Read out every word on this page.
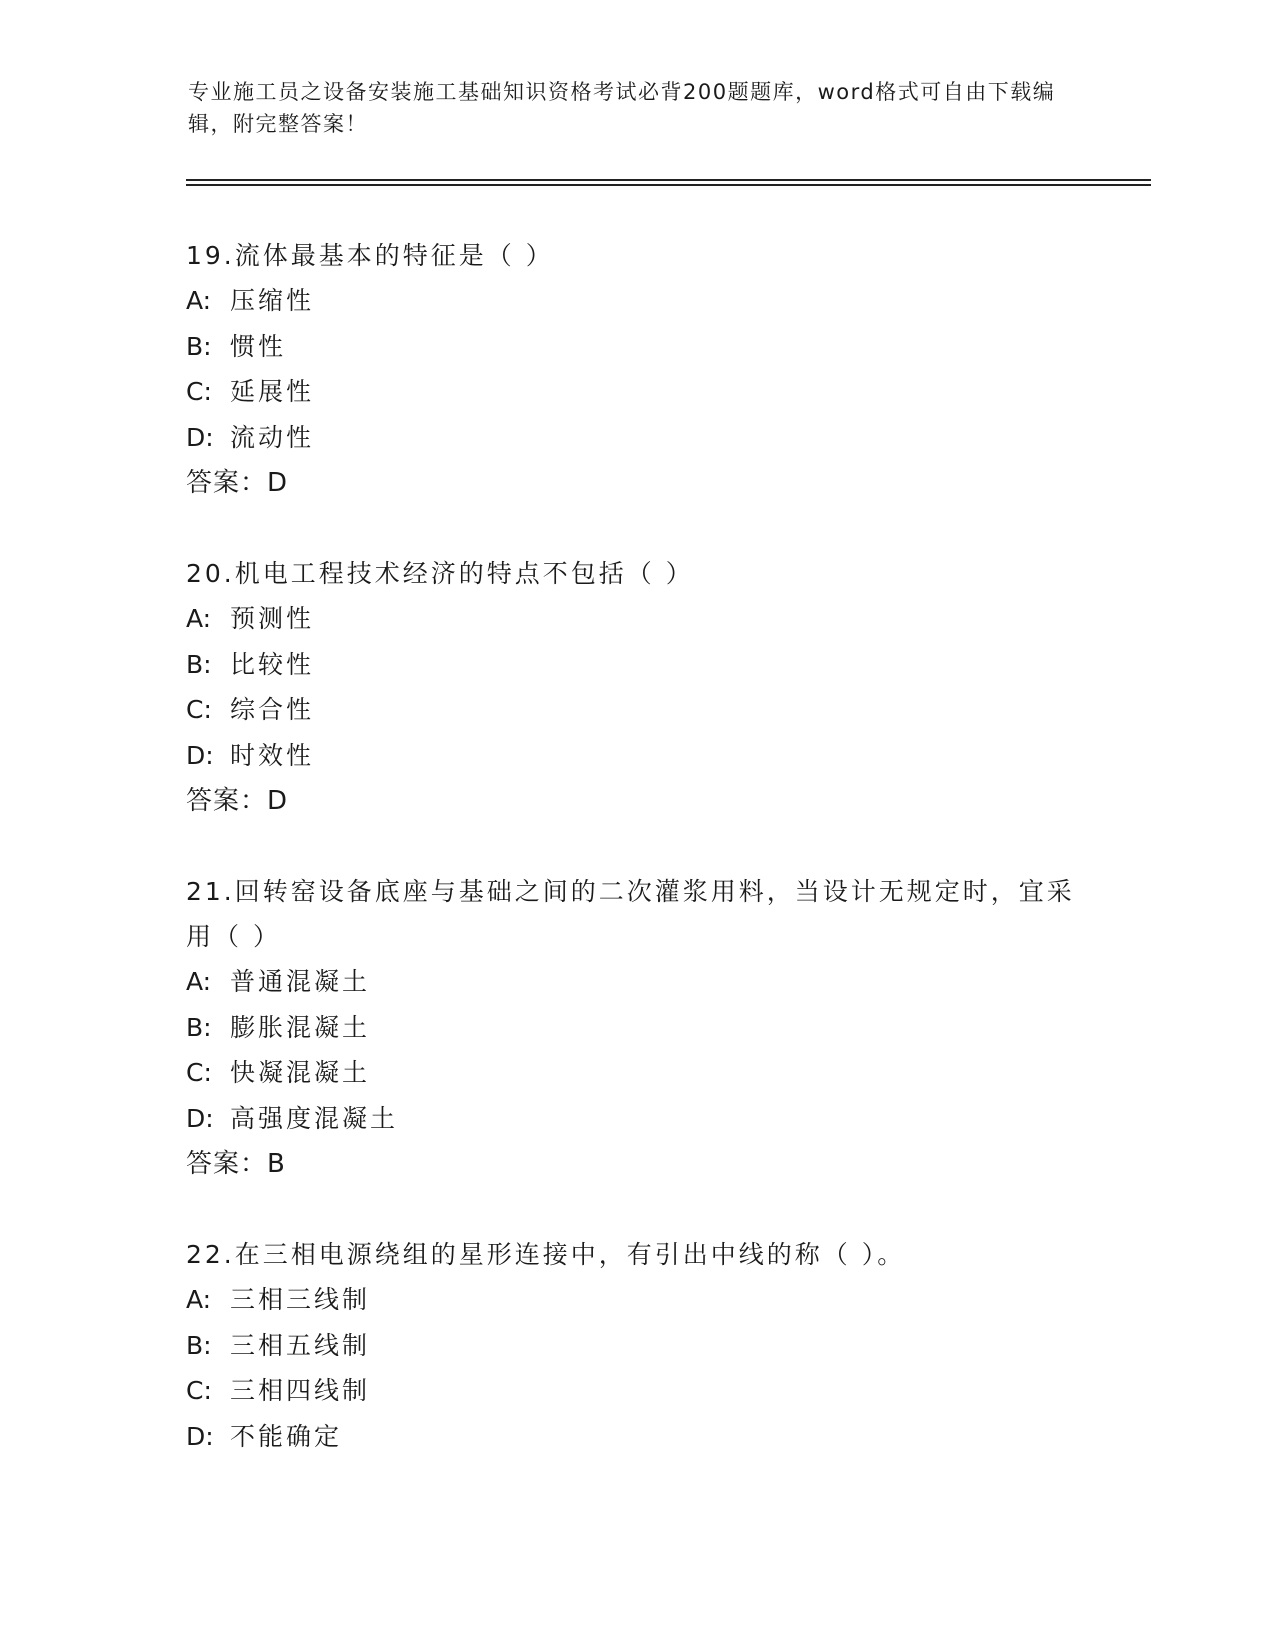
专业施工员之设备安装施工基础知识资格考试必背200题题库，word格式可自由下载编辑，附完整答案！
19.流体最基本的特征是（ ）
A: 压缩性
B: 惯性
C: 延展性
D: 流动性
答案：D
20.机电工程技术经济的特点不包括（ ）
A: 预测性
B: 比较性
C: 综合性
D: 时效性
答案：D
21.回转窑设备底座与基础之间的二次灌浆用料，当设计无规定时，宜采用（ ）
A: 普通混凝土
B: 膨胀混凝土
C: 快凝混凝土
D: 高强度混凝土
答案：B
22.在三相电源绕组的星形连接中，有引出中线的称（ ）。
A: 三相三线制
B: 三相五线制
C: 三相四线制
D: 不能确定
